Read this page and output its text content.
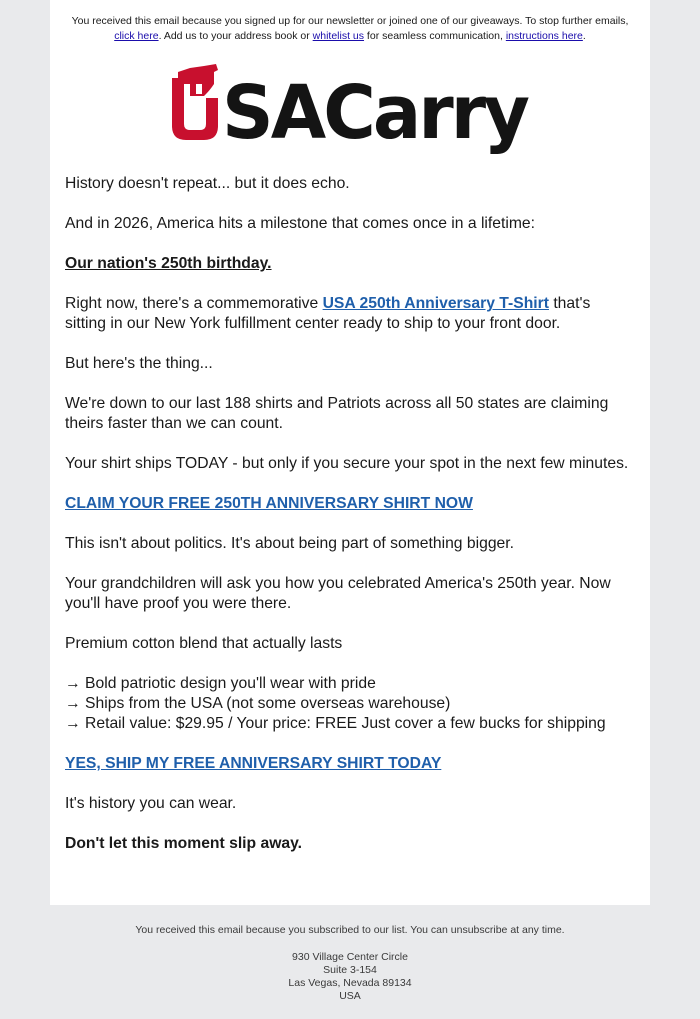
You received this email because you signed up for our newsletter or joined one of our giveaways. To stop further emails, click here. Add us to your address book or whitelist us for seamless communication, instructions here.
SACarry

History doesn't repeat... but it does echo.

And in 2026, America hits a milestone that comes once in a lifetime:

Our nation's 250th birthday.

Right now, there's a commemorative USA 250th Anniversary T-Shirt that's sitting in our New York fulfillment center ready to ship to your front door.

But here's the thing...

We're down to our last 188 shirts and Patriots across all 50 states are claiming theirs faster than we can count.

Your shirt ships TODAY - but only if you secure your spot in the next few minutes.

CLAIM YOUR FREE 250TH ANNIVERSARY SHIRT NOW

This isn't about politics. It's about being part of something bigger.

Your grandchildren will ask you how you celebrated America's 250th year. Now you'll have proof you were there.

Premium cotton blend that actually lasts

→ Bold patriotic design you'll wear with pride

→ Ships from the USA (not some overseas warehouse)

→ Retail value: $29.95 / Your price: FREE Just cover a few bucks for shipping

YES, SHIP MY FREE ANNIVERSARY SHIRT TODAY

It's history you can wear.

Don't let this moment slip away.

You received this email because you subscribed to our list. You can unsubscribe at any time.

930 Village Center Circle
Suite 3-154
Las Vegas, Nevada 89134
USA
